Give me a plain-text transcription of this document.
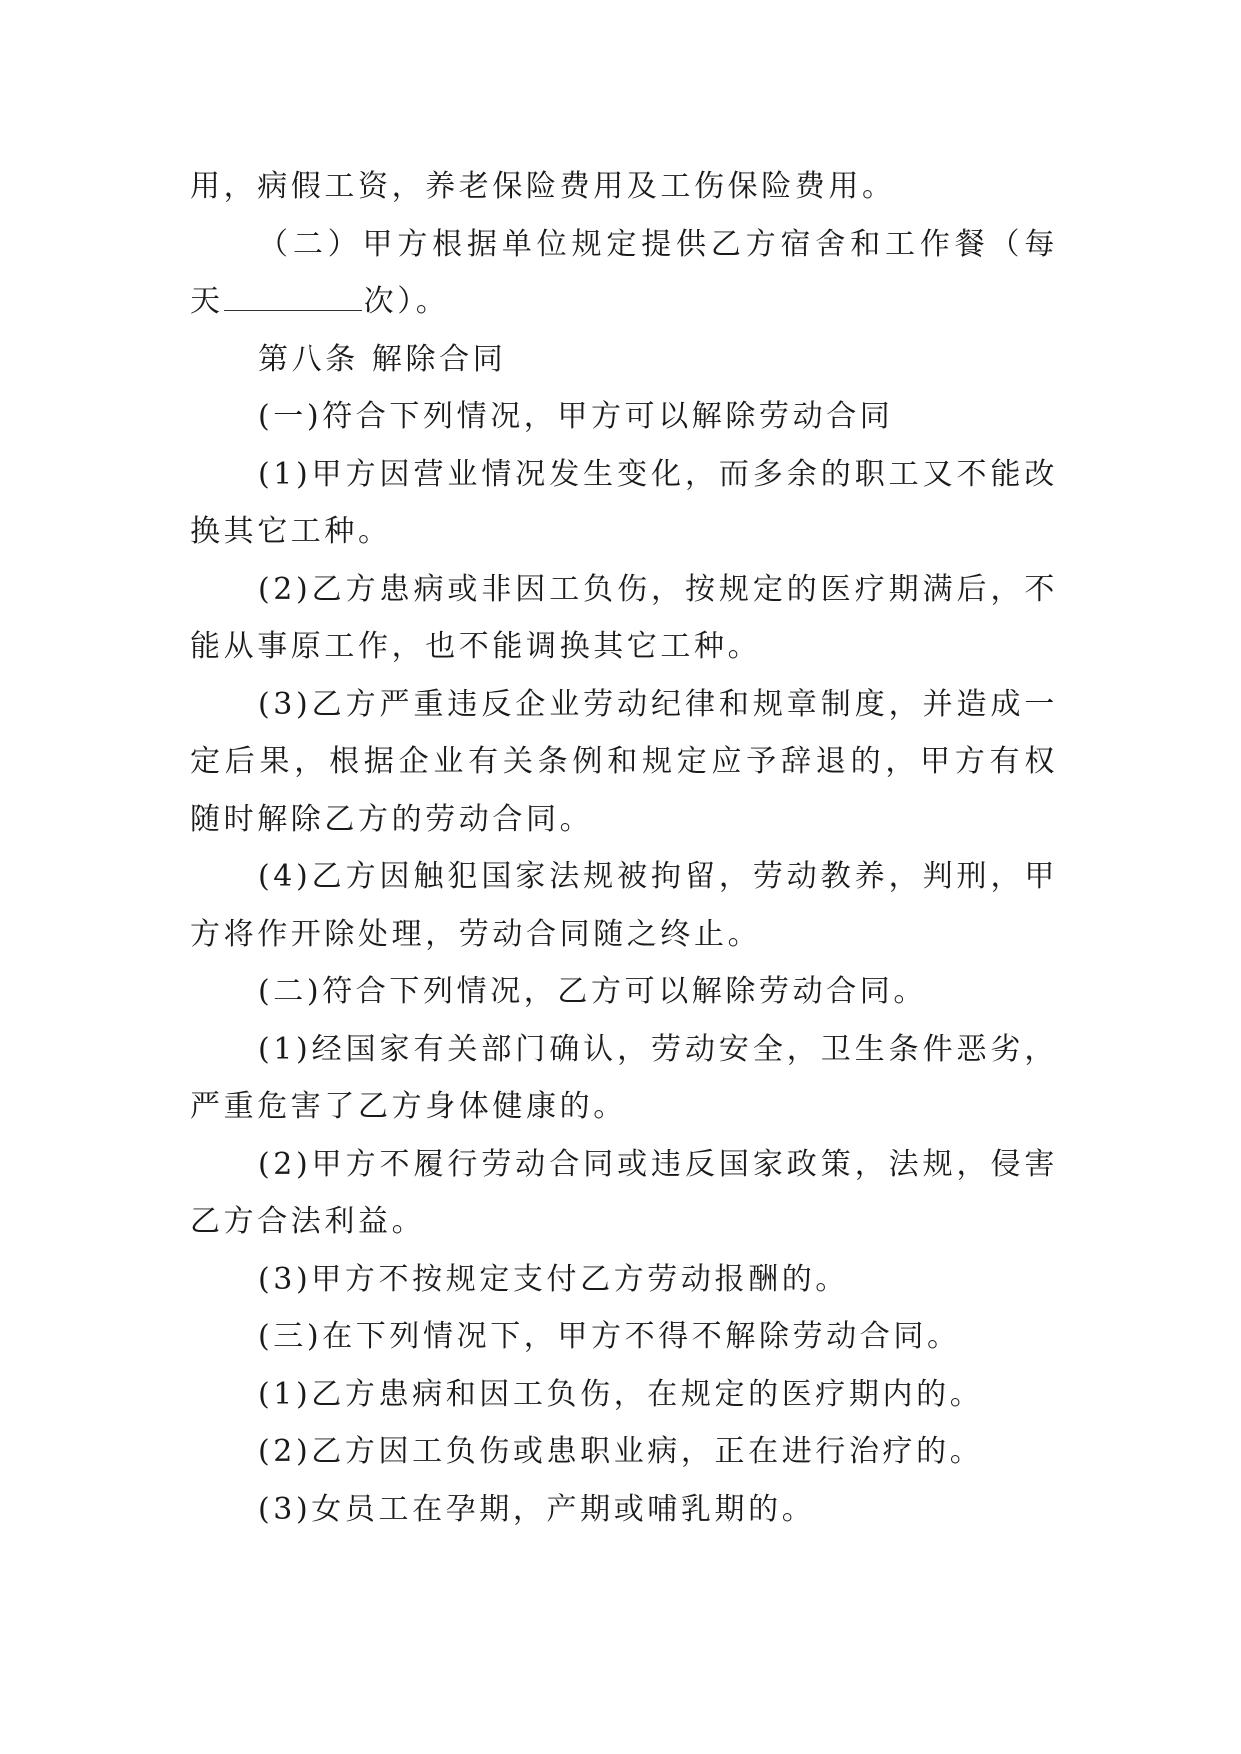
用，病假工资，养老保险费用及工伤保险费用。

（二）甲方根据单位规定提供乙方宿舍和工作餐（每天	次）。

第八条 解除合同

(一)符合下列情况，甲方可以解除劳动合同

(1)甲方因营业情况发生变化，而多余的职工又不能改换其它工种。

(2)乙方患病或非因工负伤，按规定的医疗期满后，不能从事原工作，也不能调换其它工种。

(3)乙方严重违反企业劳动纪律和规章制度，并造成一定后果，根据企业有关条例和规定应予辞退的，甲方有权随时解除乙方的劳动合同。

(4)乙方因触犯国家法规被拘留，劳动教养，判刑，甲方将作开除处理，劳动合同随之终止。

(二)符合下列情况，乙方可以解除劳动合同。

(1)经国家有关部门确认，劳动安全，卫生条件恶劣，严重危害了乙方身体健康的。

(2)甲方不履行劳动合同或违反国家政策，法规，侵害乙方合法利益。

(3)甲方不按规定支付乙方劳动报酬的。

(三)在下列情况下，甲方不得不解除劳动合同。

(1)乙方患病和因工负伤，在规定的医疗期内的。

(2)乙方因工负伤或患职业病，正在进行治疗的。

(3)女员工在孕期，产期或哺乳期的。
